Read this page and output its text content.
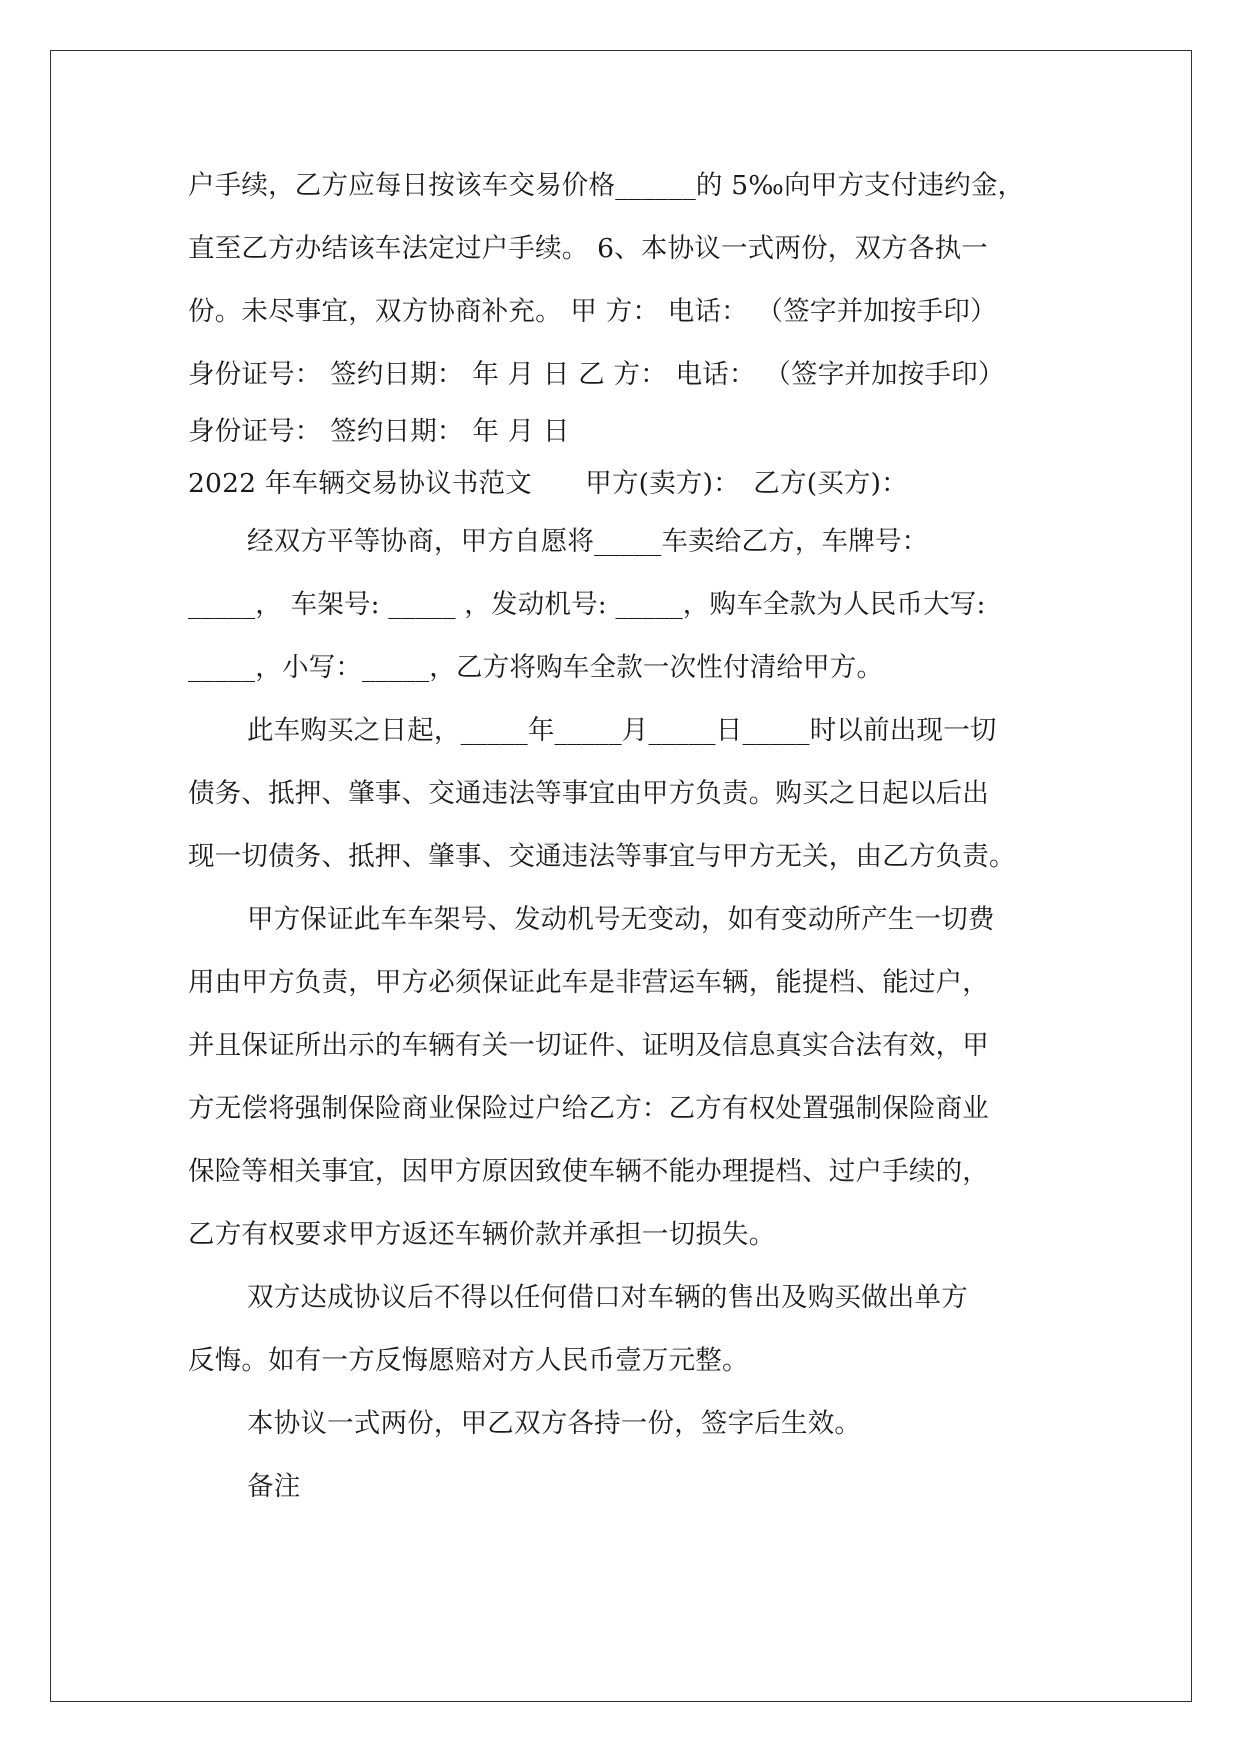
户手续，乙方应每日按该车交易价格______的 5‰向甲方支付违约金，
直至乙方办结该车法定过户手续。 6、本协议一式两份，双方各执一
份。未尽事宜，双方协商补充。 甲 方： 电话： （签字并加按手印）
身份证号： 签约日期： 年 月 日 乙 方： 电话： （签字并加按手印）
身份证号： 签约日期： 年 月 日
2022 年车辆交易协议书范文　　甲方(卖方)：　乙方(买方)：
经双方平等协商，甲方自愿将_____车卖给乙方，车牌号：
_____， 车架号: _____ ，发动机号: _____，购车全款为人民币大写:
_____，小写：_____，乙方将购车全款一次性付清给甲方。
此车购买之日起，_____年_____月_____日_____时以前出现一切
债务、抵押、肇事、交通违法等事宜由甲方负责。购买之日起以后出
现一切债务、抵押、肇事、交通违法等事宜与甲方无关，由乙方负责。
甲方保证此车车架号、发动机号无变动，如有变动所产生一切费
用由甲方负责，甲方必须保证此车是非营运车辆，能提档、能过户，
并且保证所出示的车辆有关一切证件、证明及信息真实合法有效，甲
方无偿将强制保险商业保险过户给乙方：乙方有权处置强制保险商业
保险等相关事宜，因甲方原因致使车辆不能办理提档、过户手续的，
乙方有权要求甲方返还车辆价款并承担一切损失。
双方达成协议后不得以任何借口对车辆的售出及购买做出单方
反悔。如有一方反悔愿赔对方人民币壹万元整。
本协议一式两份，甲乙双方各持一份，签字后生效。
备注
